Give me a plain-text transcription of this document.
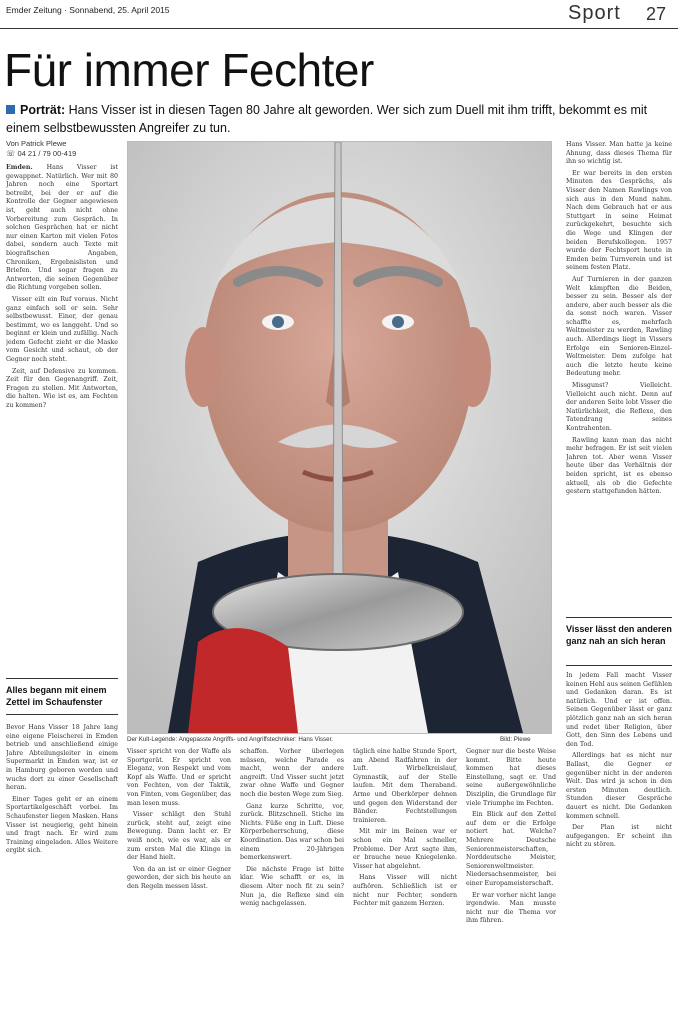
Emder Zeitung · Sonnabend, 25. April 2015	Sport 27
Für immer Fechter
Porträt: Hans Visser ist in diesen Tagen 80 Jahre alt geworden. Wer sich zum Duell mit ihm trifft, bekommt es mit einem selbstbewussten Angreifer zu tun.
Von Patrick Plewe
☏ 04 21 / 79 00-419

Emden. Hans Visser ist gewappnet. Natürlich. Wer mit 80 Jahren noch eine Sportart betreibt, bei der er auf die Kontrolle der Gegner angewiesen ist, geht auch nicht ohne Vorbereitung zum Gespräch. In solchen Gesprächen hat er nicht nur einen Karton mit vielen Fotos dabei, sondern auch Texte mit biografischen Angaben, Chroniken, Ergebnislisten und Briefen. Und sogar fragen zu Antworten, die seinen Gegenüber die Richtung vorgeben sollen.

Visser eilt ein Ruf voraus. Nicht ganz einfach soll er sein. Sehr selbstbewusst. Einer, der genau bestimmt, wo es langgeht. Und so beginnt er klein und zufällig. Nach jedem Gefecht zieht er die Maske vom Gesicht und schaut, ob der Gegner noch steht.

Zeit, auf Defensive zu kommen. Zeit für den Gegenangriff. Zeit, Fragen zu stellen. Mit Antworten, die halten. Wie ist es, am Fechten zu kommen?

Alles begann mit einem Zettel im Schaufenster
Der Kult-Legende: Angepasste Angriffs- und Angriffstechniker: Hans Visser.	Bild: Plewe

Hans Visser. Man hatte ja keine Ahnung, dass dieses Thema für ihn so wichtig ist.

Er war bereits in den ersten Minuten des Gesprächs, als Visser den Namen Rawlings von sich aus in den Mund nahm. Nach dem Gebrauch hat er aus Stuttgart in seine Heimat zurückgekehrt, besuchte sich die Wege und Klingen der beiden Berufskollegen. 1957 wurde der Fechtsport heute in Emden beim Turnverein und ist seinem festen Platz.

Auf Turnieren in der ganzen Welt kämpften die Beiden, besser zu sein. Besser als der andere, aber auch besser als die da sonst noch waren. Visser schaffte es, mehrfach Weltmeister zu werden, Rawling auch. Allerdings liegt in Vissers Erfolge ein Senioren-Einzel-Weltmeister. Dem zufolge hat auch die letzte heute keine Bedeutung mehr.

Missgunst? Vielleicht. Vielleicht auch nicht. Denn auf der anderen Seite lobt Visser die Natürlichkeit, die Reflexe, den Tatendrang seines Kontrahenten.

Rawling kann man das nicht mehr befragen. Er ist seit vielen Jahren tot. Aber wenn Visser heute über das Verhältnis der beiden spricht, ist es ebenso aktuell, als ob die Gefechte gestern stattgefunden hätten.

Visser lässt den anderen ganz nah an sich heran

In jedem Fall macht Visser keinen Hehl aus seinen Gefühlen und Gedanken daran. Es ist natürlich. Und er ist offen. Seinen Gegenüber lässt er ganz plötzlich ganz nah an sich heran und redet über Religion, über Gott, den Sinn des Lebens und den Tod.

Allerdings hat es nicht nur Ballast, die Gegner er gegenüber nicht in der anderen Welt. Das wird ja schon in den ersten Minuten deutlich. Stunden dieser Gespräche dauert es nicht. Die Gedanken kommen schnell.

Der Plan ist nicht aufgegangen. Er scheint ihn nicht zu stören.

Bevor Hans Visser 18 Jahre lang eine eigene Fleischerei in Emden betrieb und anschließend einige Jahre Abteilungsleiter in einem Supermarkt in Emden war, ist er in Hamburg geboren worden und wuchs dort zu einer Gesellschaft heran.

Einer Tages geht er an einem Sportartikelgeschäft vorbei. Im Schaufenster liegen Masken. Hans Visser ist neugierig, geht hinein und fragt nach. Er wird zum Training eingeladen. Alles Weitere ergibt sich.

Visser spricht von der Waffe als Sportgerät. Er spricht von Eleganz, von Respekt und vom Kopf als Waffe. Und er spricht von Fechten, von der Taktik, von Finten, vom Gegenüber, das man lesen muss.

Visser schlägt den Stuhl zurück, steht auf, zeigt eine Bewegung. Dann lacht er. Er weiß noch, wie es war, als er zum ersten Mal die Klinge in der Hand hielt.

Von da an ist er einer Gegner geworden, der sich bis heute an den Regeln messen lässt.

schaffen. Vorher überlegen müssen, welche Parade es macht, wenn der andere angreift. Und Visser sucht jetzt zwar ohne Waffe und Gegner noch die besten Wege zum Sieg.

Ganz kurze Schritte, vor, zurück. Blitzschnell. Stiche im Nichts. Füße eng in Luft. Diese Körperbeherrschung, diese Koordination. Das war schon bei einem 20-Jährigen bemerkenswert.

Die nächste Frage ist bitte klar. Wie schafft er es, in diesem Alter noch fit zu sein? Nun ja, die Reflexe sind ein wenig nachgelassen.

täglich eine halbe Stunde Sport, am Abend Radfahren in der Luft. Wirbelkreislauf, Gymnastik, auf der Stelle laufen. Mit dem Theraband. Arme und Oberkörper dehnen und gegen den Widerstand der Bänder. Fechtstellungen trainieren.

Mit mir im Beinen war er schon ein Mal schneller, Probleme. Der Arzt sagte ihm, er brauche neue Kniegelenke. Visser hat abgelehnt.

Hans Visser will nicht aufhören. Schließlich ist er nicht nur Fechter, sondern Fechter mit ganzem Herzen.

Gegner nur die beste Weise kommt. Bitte heute kommen hat dieses Einstellung, sagt er. Und seine außergewöhnliche Disziplin, die Grundlage für viele Triumphe im Fechten.

Ein Blick auf den Zettel auf dem er die Erfolge notiert hat. Welche? Mehrere Deutsche Seniorenmeisterschaften, Norddeutsche Meister, Seniorenweltmeister. Niedersachsenmeister, bei einer Europameisterschaft.

Er war vorher nicht lange irgendwie. Man musste nicht nur die Thema vor ihm führen.
